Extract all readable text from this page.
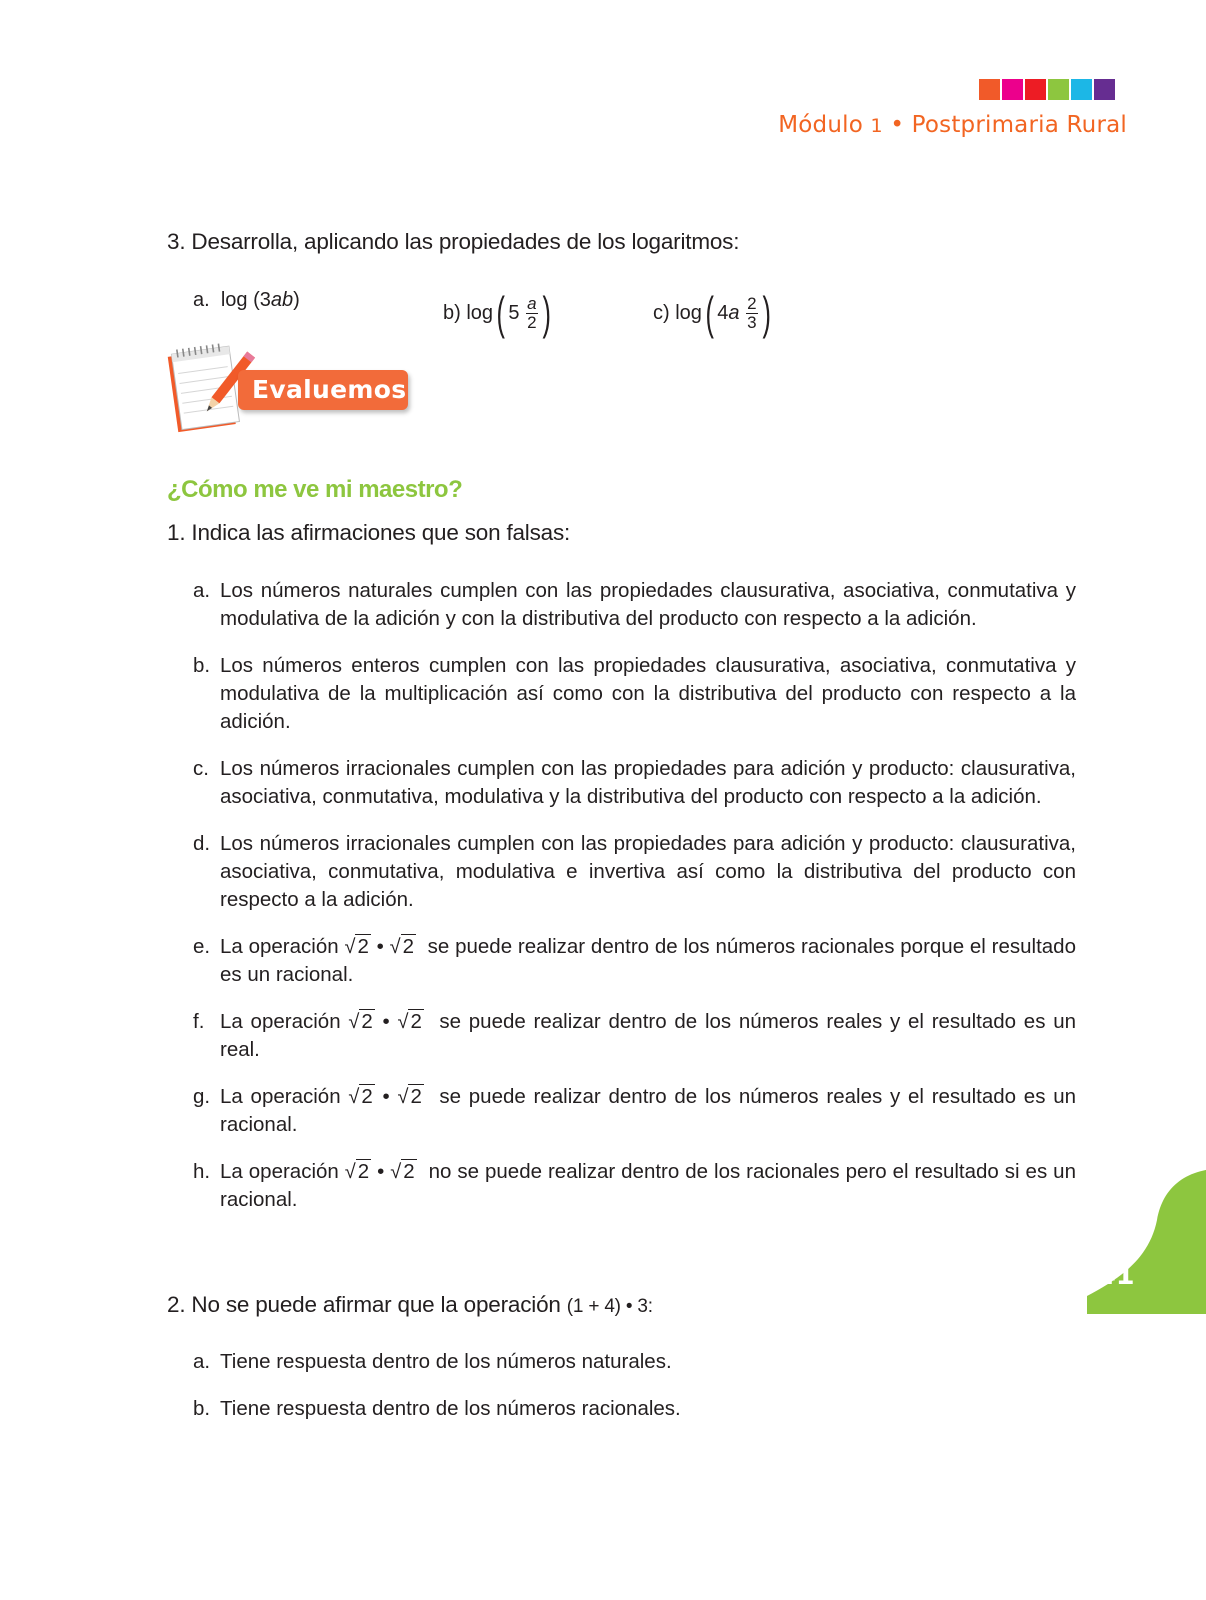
Módulo 1 • Postprimaria Rural
3. Desarrolla, aplicando las propiedades de los logaritmos:
a.
log
(3 ab )
b)
log ( 5
$\frac{a}{2}$ )	c)
log ( 4 a
$\frac{2}{3}$ )
Evaluemos
¿Cómo me ve mi maestro?
1. Indica las afirmaciones que son falsas:
a. Los números naturales cumplen con las propiedades clausurativa, asociativa, conmutativa y modulativa de la adición y con la distributiva del producto con respecto a la adición.
b. Los números enteros cumplen con las propiedades clausurativa, asociativa, conmutativa y modulativa de la multiplicación así como con la distributiva del producto con respecto a la adición.
c. Los números irracionales cumplen con las propiedades para adición y producto: clausurativa, asociativa, conmutativa, modulativa y la distributiva del producto con respecto a la adición.
d. Los números irracionales cumplen con las propiedades para adición y producto: clausurativa, asociativa, conmutativa, modulativa e invertiva así como la distributiva del producto con respecto a la adición.
e. La operación √2 • √2 se puede realizar dentro de los números racionales porque el resultado es un racional.
f. La operación √2 • √2 se puede realizar dentro de los números reales y el resultado es un real.
g. La operación √2 • √2 se puede realizar dentro de los números reales y el resultado es un racional.
h. La operación √2 • √2 no se puede realizar dentro de los racionales pero el resultado si es un racional.
2. No se puede afirmar que la operación (1 + 4) • 3:
a. Tiene respuesta dentro de los números naturales.
b. Tiene respuesta dentro de los números racionales.
41
